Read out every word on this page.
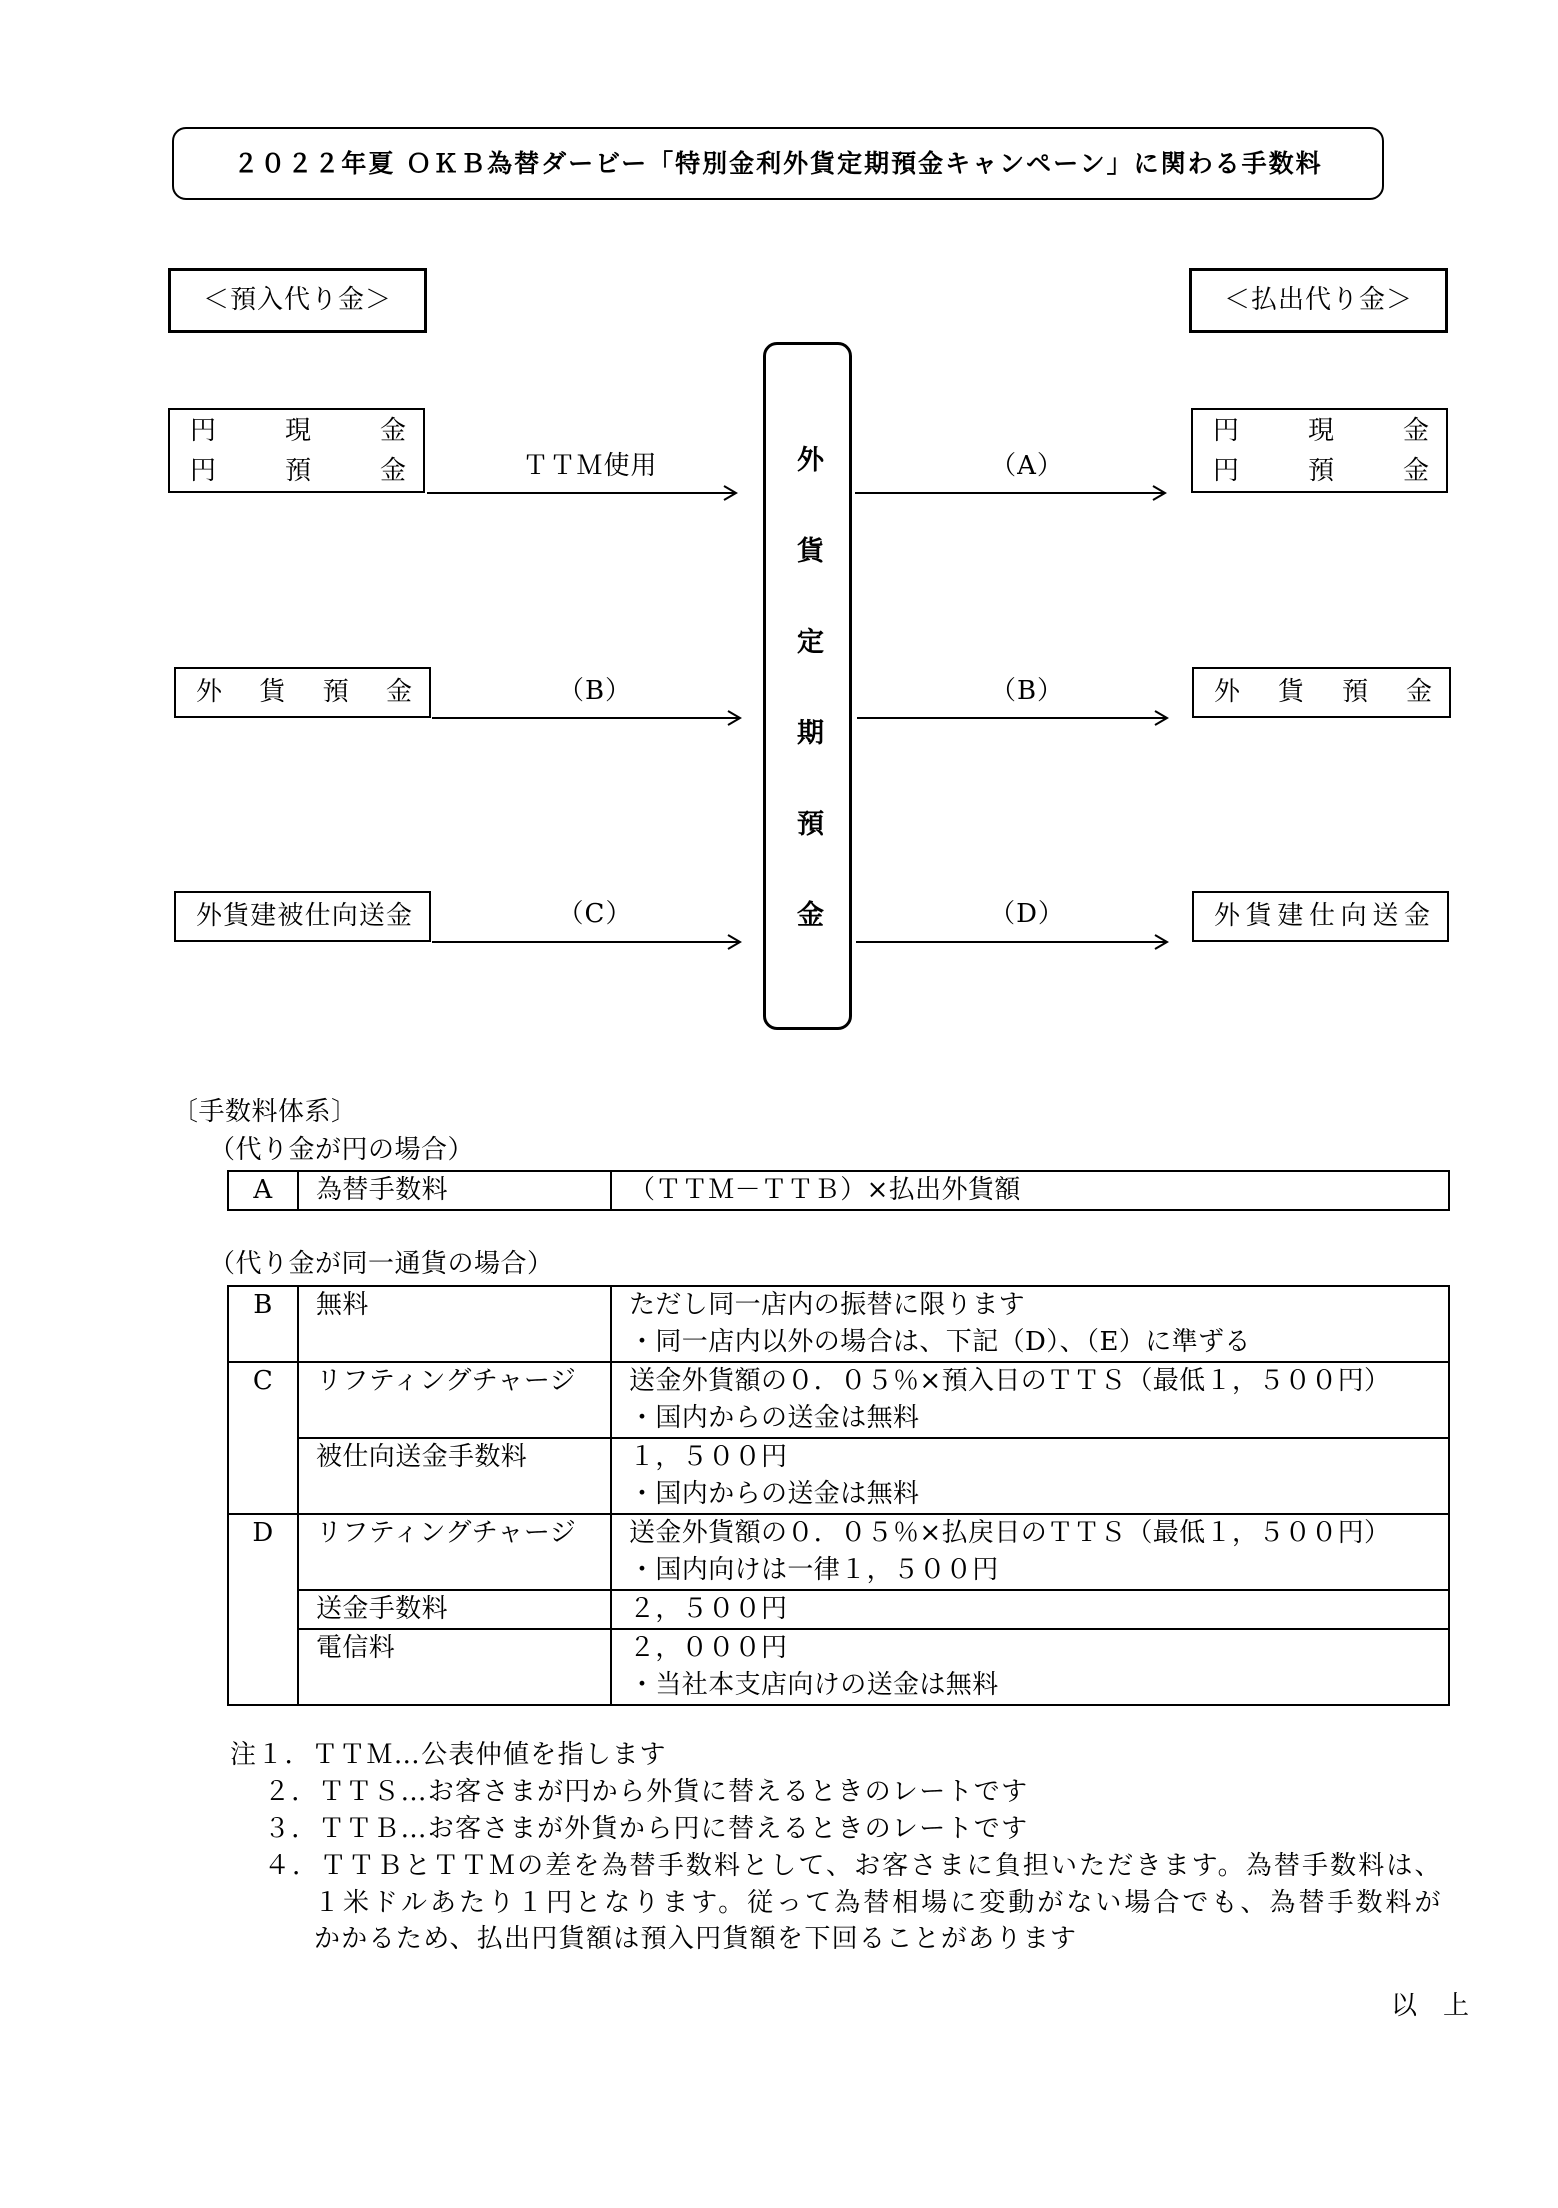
２０２２年夏 ＯＫＢ為替ダービー「特別金利外貨定期預金キャンペーン」に関わる手数料
＜預入代り金＞	＜払出代り金＞
外貨定期預金
円　　現　　金
円　　預　　金
外　貨　預　金
外貨建被仕向送金
円　　現　　金
円　　預　　金
外　貨　預　金
外貨建仕向送金
ＴＴＭ使用	（A）
（B）	（B）
（C）	（D）
〔手数料体系〕
（代り金が円の場合）
A	為替手数料	（ＴＴＭ－ＴＴＢ）×払出外貨額
（代り金が同一通貨の場合）
B	無料	ただし同一店内の振替に限ります
・同一店内以外の場合は、下記（D）、（E）に準ずる

C	リフティングチャージ	送金外貨額の０．０５％×預入日のＴＴＳ（最低１，５００円）
・国内からの送金は無料

	被仕向送金手数料	１，５００円
・国内からの送金は無料

D	リフティングチャージ	送金外貨額の０．０５％×払戻日のＴＴＳ（最低１，５００円）
・国内向けは一律１，５００円

	送金手数料	２，５００円

	電信料	２，０００円
・当社本支店向けの送金は無料
注１．ＴＴＭ…公表仲値を指します
２．ＴＴＳ…お客さまが円から外貨に替えるときのレートです
３．ＴＴＢ…お客さまが外貨から円に替えるときのレートです
４．ＴＴＢとＴＴＭの差を為替手数料として、お客さまに負担いただきます。為替手数料は、
１米ドルあたり１円となります。従って為替相場に変動がない場合でも、為替手数料が
かかるため、払出円貨額は預入円貨額を下回ることがあります
以　上
